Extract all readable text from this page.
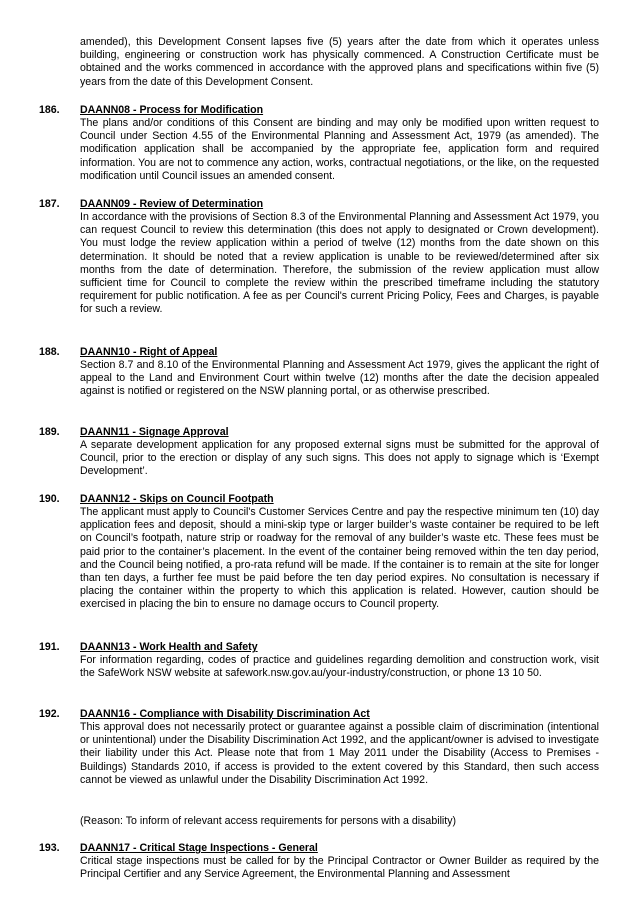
amended), this Development Consent lapses five (5) years after the date from which it operates unless building, engineering or construction work has physically commenced. A Construction Certificate must be obtained and the works commenced in accordance with the approved plans and specifications within five (5) years from the date of this Development Consent.
186. DAANN08 - Process for Modification
The plans and/or conditions of this Consent are binding and may only be modified upon written request to Council under Section 4.55 of the Environmental Planning and Assessment Act, 1979 (as amended). The modification application shall be accompanied by the appropriate fee, application form and required information. You are not to commence any action, works, contractual negotiations, or the like, on the requested modification until Council issues an amended consent.
187. DAANN09 - Review of Determination
In accordance with the provisions of Section 8.3 of the Environmental Planning and Assessment Act 1979, you can request Council to review this determination (this does not apply to designated or Crown development). You must lodge the review application within a period of twelve (12) months from the date shown on this determination. It should be noted that a review application is unable to be reviewed/determined after six months from the date of determination. Therefore, the submission of the review application must allow sufficient time for Council to complete the review within the prescribed timeframe including the statutory requirement for public notification. A fee as per Council's current Pricing Policy, Fees and Charges, is payable for such a review.
188. DAANN10 - Right of Appeal
Section 8.7 and 8.10 of the Environmental Planning and Assessment Act 1979, gives the applicant the right of appeal to the Land and Environment Court within twelve (12) months after the date the decision appealed against is notified or registered on the NSW planning portal, or as otherwise prescribed.
189. DAANN11 - Signage Approval
A separate development application for any proposed external signs must be submitted for the approval of Council, prior to the erection or display of any such signs. This does not apply to signage which is ‘Exempt Development’.
190. DAANN12 - Skips on Council Footpath
The applicant must apply to Council's Customer Services Centre and pay the respective minimum ten (10) day application fees and deposit, should a mini-skip type or larger builder’s waste container be required to be left on Council’s footpath, nature strip or roadway for the removal of any builder’s waste etc. These fees must be paid prior to the container’s placement. In the event of the container being removed within the ten day period, and the Council being notified, a pro-rata refund will be made. If the container is to remain at the site for longer than ten days, a further fee must be paid before the ten day period expires. No consultation is necessary if placing the container within the property to which this application is related. However, caution should be exercised in placing the bin to ensure no damage occurs to Council property.
191. DAANN13 - Work Health and Safety
For information regarding, codes of practice and guidelines regarding demolition and construction work, visit the SafeWork NSW website at safework.nsw.gov.au/your-industry/construction, or phone 13 10 50.
192. DAANN16 - Compliance with Disability Discrimination Act
This approval does not necessarily protect or guarantee against a possible claim of discrimination (intentional or unintentional) under the Disability Discrimination Act 1992, and the applicant/owner is advised to investigate their liability under this Act. Please note that from 1 May 2011 under the Disability (Access to Premises - Buildings) Standards 2010, if access is provided to the extent covered by this Standard, then such access cannot be viewed as unlawful under the Disability Discrimination Act 1992.
(Reason: To inform of relevant access requirements for persons with a disability)
193. DAANN17 - Critical Stage Inspections - General
Critical stage inspections must be called for by the Principal Contractor or Owner Builder as required by the Principal Certifier and any Service Agreement, the Environmental Planning and Assessment
